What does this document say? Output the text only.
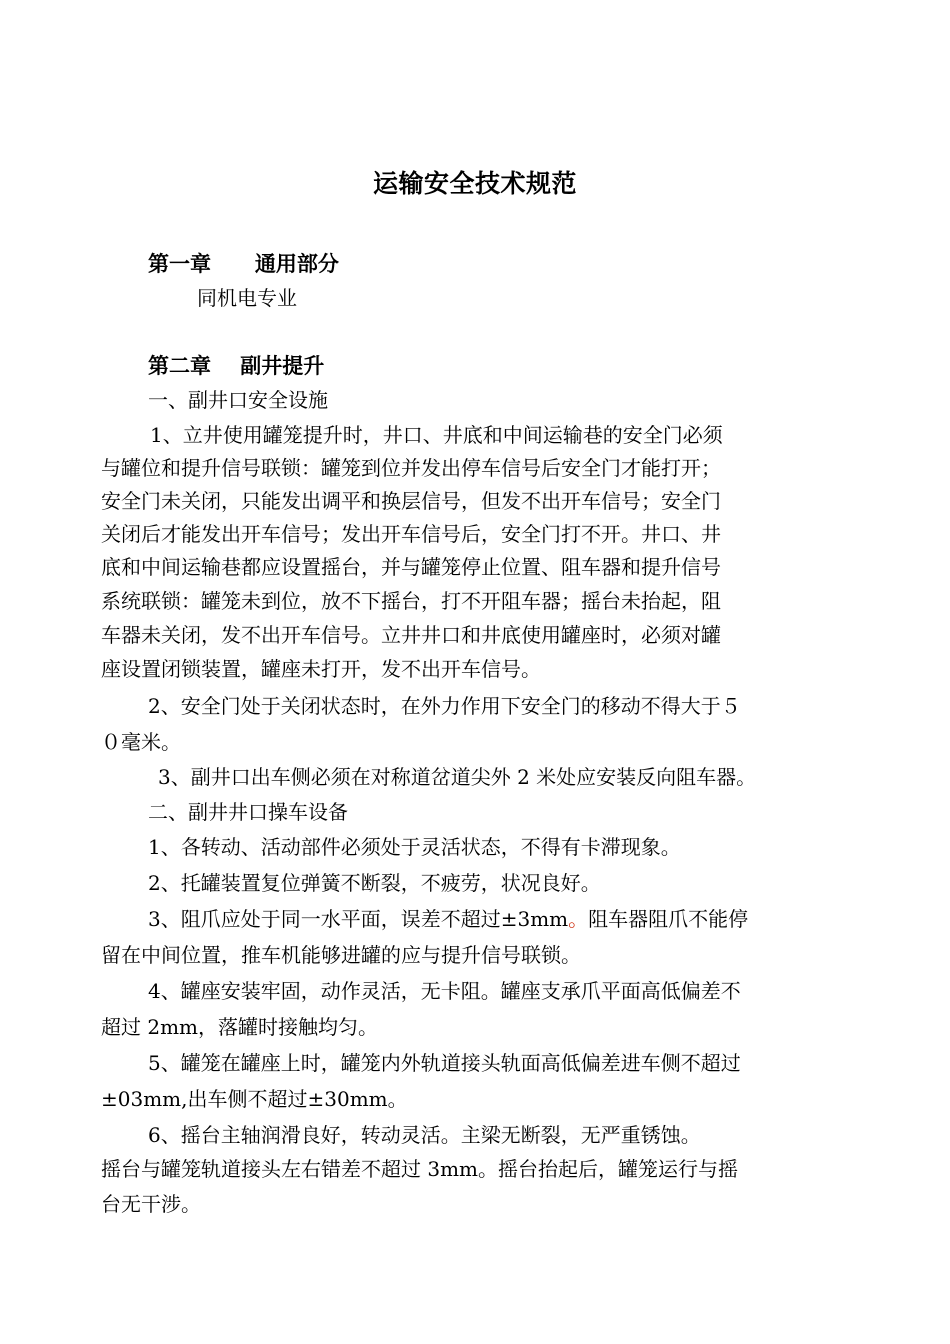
运输安全技术规范
第一章      通用部分
同机电专业
第二章    副井提升
一、副井口安全设施
1、立井使用罐笼提升时，井口、井底和中间运输巷的安全门必须
与罐位和提升信号联锁：罐笼到位并发出停车信号后安全门才能打开；
安全门未关闭，只能发出调平和换层信号，但发不出开车信号；安全门
关闭后才能发出开车信号；发出开车信号后，安全门打不开。井口、井
底和中间运输巷都应设置摇台，并与罐笼停止位置、阻车器和提升信号
系统联锁：罐笼未到位，放不下摇台，打不开阻车器；摇台未抬起，阻
车器未关闭，发不出开车信号。立井井口和井底使用罐座时，必须对罐
座设置闭锁装置，罐座未打开，发不出开车信号。
2、安全门处于关闭状态时，在外力作用下安全门的移动不得大于５
０毫米。
3、副井口出车侧必须在对称道岔道尖外 2 米处应安装反向阻车器。
二、副井井口操车设备
1、各转动、活动部件必须处于灵活状态，不得有卡滞现象。
2、托罐装置复位弹簧不断裂，不疲劳，状况良好。
3、阻爪应处于同一水平面，误差不超过±3mm。阻车器阻爪不能停
留在中间位置，推车机能够进罐的应与提升信号联锁。
4、罐座安装牢固，动作灵活，无卡阻。罐座支承爪平面高低偏差不
超过 2mm，落罐时接触均匀。
5、罐笼在罐座上时，罐笼内外轨道接头轨面高低偏差进车侧不超过
±03mm,出车侧不超过±30mm。
6、摇台主轴润滑良好，转动灵活。主梁无断裂，无严重锈蚀。
摇台与罐笼轨道接头左右错差不超过 3mm。摇台抬起后，罐笼运行与摇
台无干涉。
